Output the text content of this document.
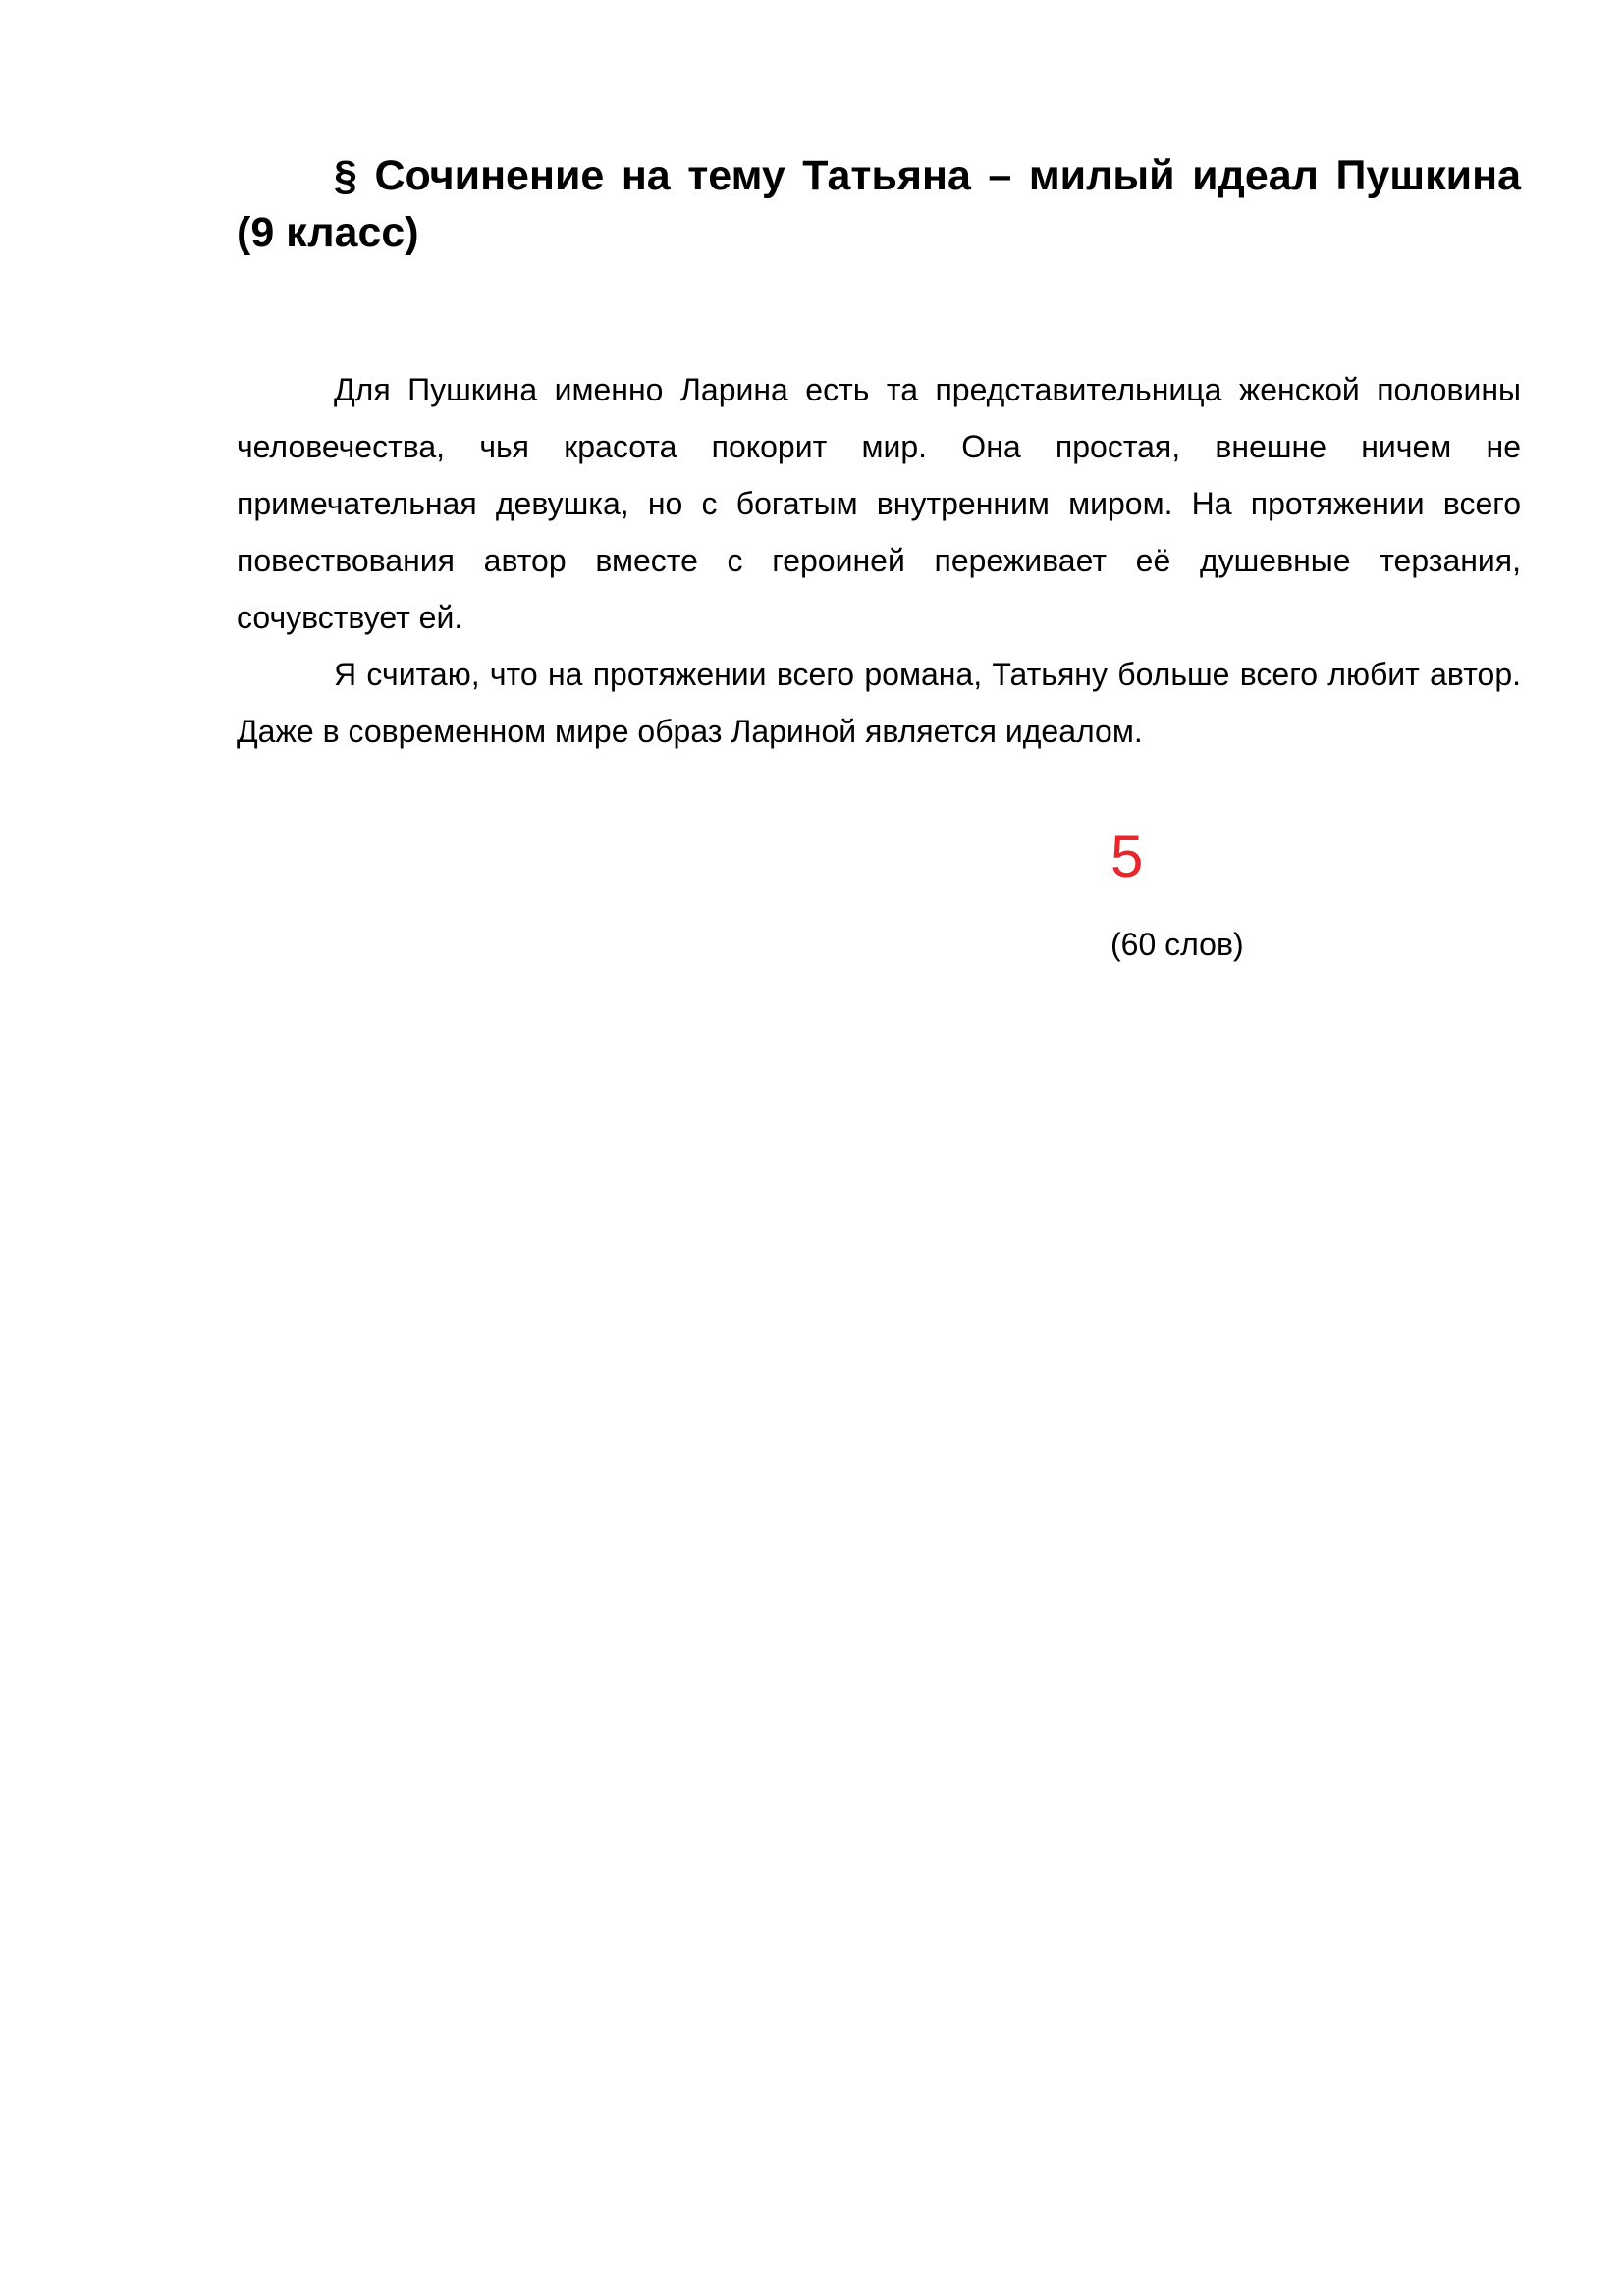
§ Сочинение на тему Татьяна – милый идеал Пушкина (9 класс)

Для Пушкина именно Ларина есть та представительница женской половины человечества, чья красота покорит мир. Она простая, внешне ничем не примечательная девушка, но с богатым внутренним миром. На протяжении всего повествования автор вместе с героиней переживает её душевные терзания, сочувствует ей.

Я считаю, что на протяжении всего романа, Татьяну больше всего любит автор. Даже в современном мире образ Лариной является идеалом.

5
(60 слов)
